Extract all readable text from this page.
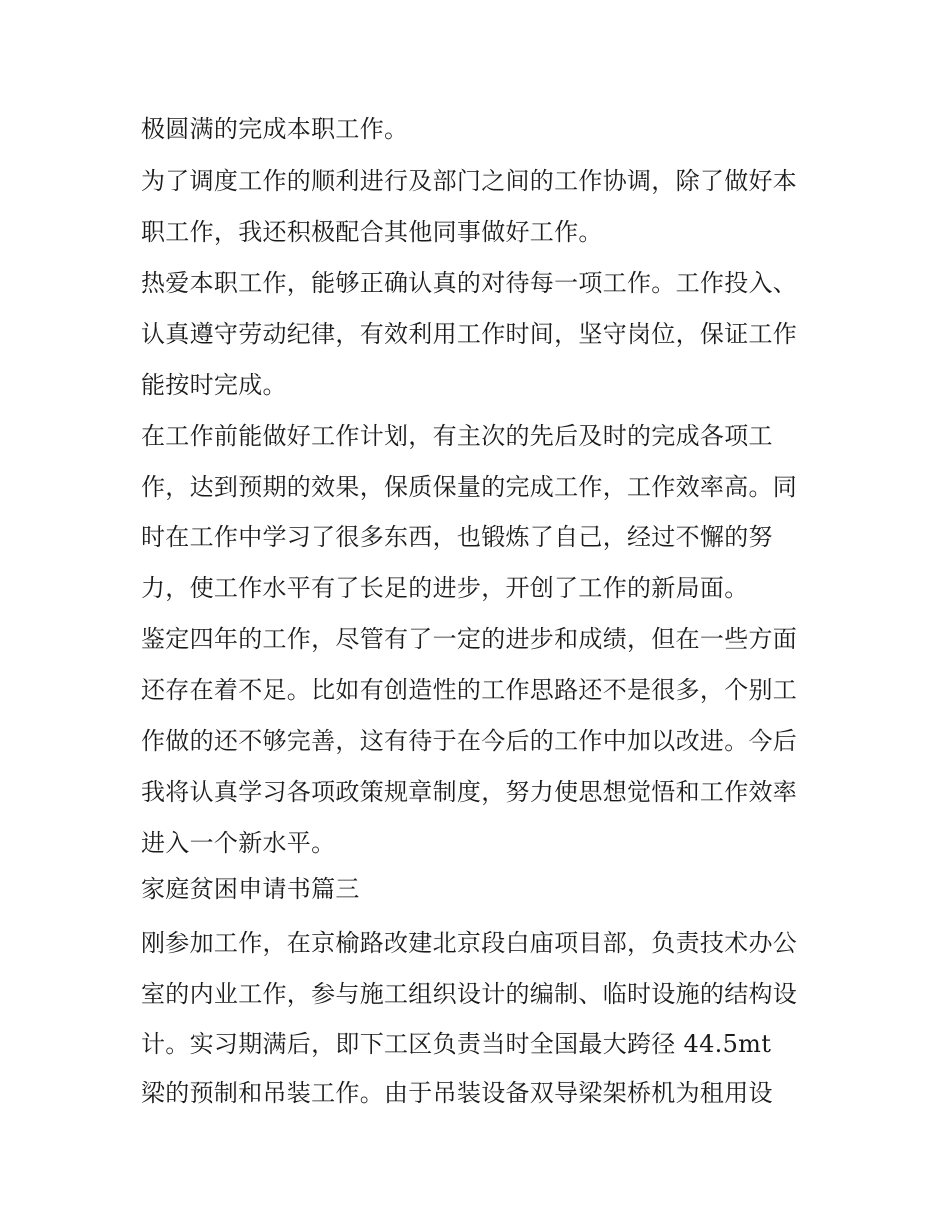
极圆满的完成本职工作。
为了调度工作的顺利进行及部门之间的工作协调，除了做好本
职工作，我还积极配合其他同事做好工作。
热爱本职工作，能够正确认真的对待每一项工作。工作投入、
认真遵守劳动纪律，有效利用工作时间，坚守岗位，保证工作
能按时完成。
在工作前能做好工作计划，有主次的先后及时的完成各项工
作，达到预期的效果，保质保量的完成工作，工作效率高。同
时在工作中学习了很多东西，也锻炼了自己，经过不懈的努
力，使工作水平有了长足的进步，开创了工作的新局面。
鉴定四年的工作，尽管有了一定的进步和成绩，但在一些方面
还存在着不足。比如有创造性的工作思路还不是很多，个别工
作做的还不够完善，这有待于在今后的工作中加以改进。今后
我将认真学习各项政策规章制度，努力使思想觉悟和工作效率
进入一个新水平。
家庭贫困申请书篇三
刚参加工作，在京榆路改建北京段白庙项目部，负责技术办公
室的内业工作，参与施工组织设计的编制、临时设施的结构设
计。实习期满后，即下工区负责当时全国最大跨径 44.5mt
梁的预制和吊装工作。由于吊装设备双导梁架桥机为租用设
